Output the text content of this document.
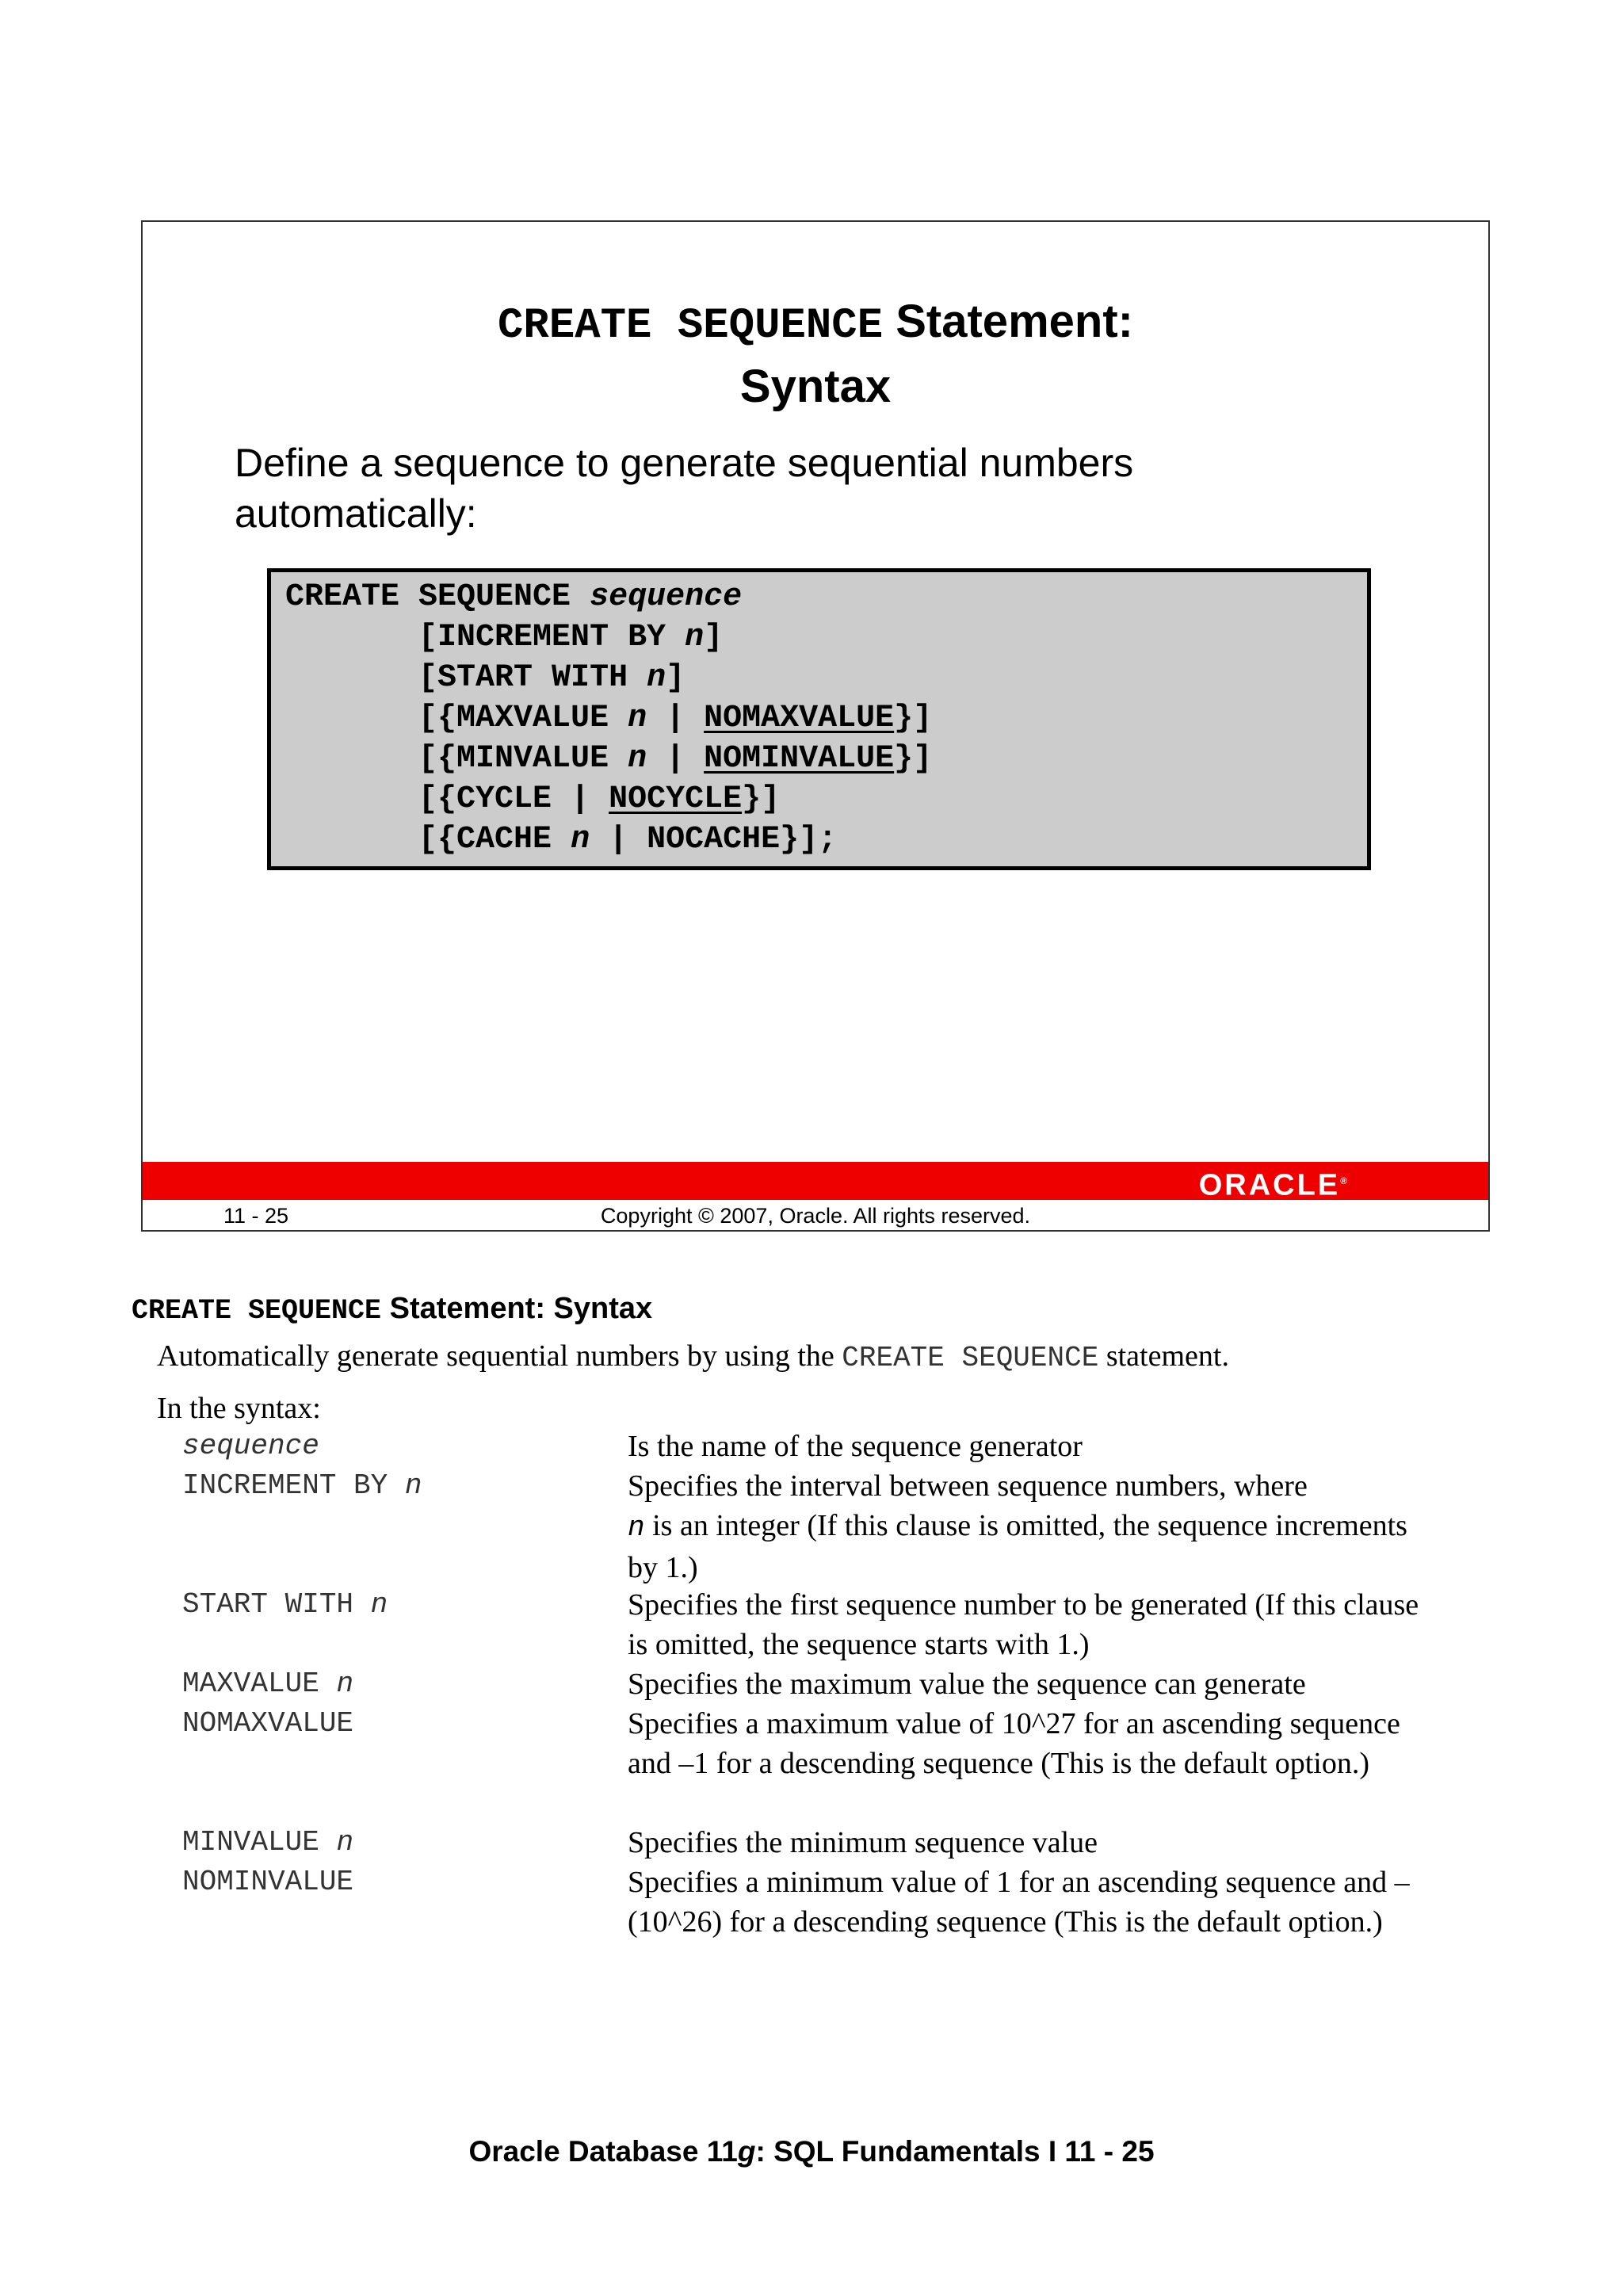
CREATE SEQUENCE Statement:
Syntax
Define a sequence to generate sequential numbers automatically:
CREATE SEQUENCE sequence
[INCREMENT BY n]
[START WITH n]
[{MAXVALUE n | NOMAXVALUE}]
[{MINVALUE n | NOMINVALUE}]
[{CYCLE | NOCYCLE}]
[{CACHE n | NOCACHE}];
ORACLE®
11 - 25	Copyright © 2007, Oracle. All rights reserved.
CREATE SEQUENCE Statement: Syntax
Automatically generate sequential numbers by using the CREATE SEQUENCE statement.
In the syntax:
sequence
INCREMENT BY n
START WITH n
MAXVALUE n
NOMAXVALUE
MINVALUE n
NOMINVALUE
Is the name of the sequence generator
Specifies the interval between sequence numbers, where
n is an integer (If this clause is omitted, the sequence increments by 1.)
Specifies the first sequence number to be generated (If this clause is omitted, the sequence starts with 1.)
Specifies the maximum value the sequence can generate
Specifies a maximum value of 10^27 for an ascending sequence and –1 for a descending sequence (This is the default option.)
Specifies the minimum sequence value
Specifies a minimum value of 1 for an ascending sequence and –(10^26) for a descending sequence (This is the default option.)
Oracle Database 11g: SQL Fundamentals I 11 - 25
